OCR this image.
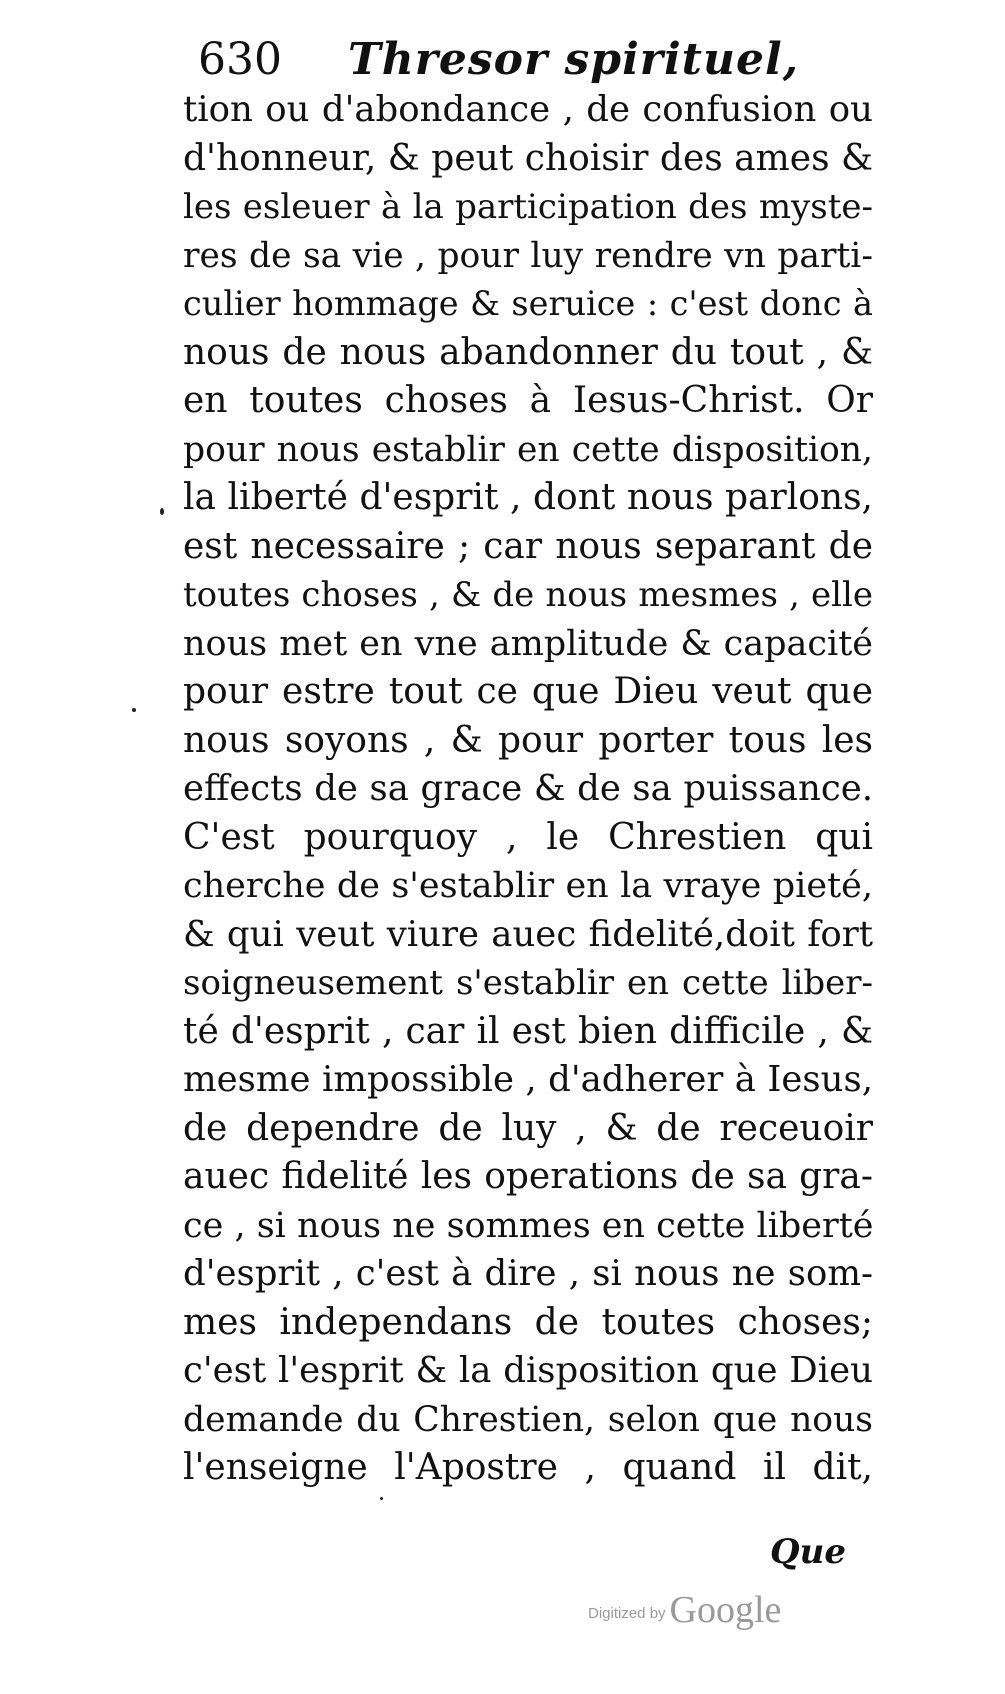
630 Thresor spirituel,
tion ou d'abondance , de confusion ou
d'honneur, & peut choisir des ames &
les esleuer à la participation des myste-
res de sa vie , pour luy rendre vn parti-
culier hommage & seruice : c'est donc à
nous de nous abandonner du tout , &
en toutes choses à Iesus-Christ. Or
pour nous establir en cette disposition,
la liberté d'esprit , dont nous parlons,
est necessaire ; car nous separant de
toutes choses , & de nous mesmes , elle
nous met en vne amplitude & capacité
pour estre tout ce que Dieu veut que
nous soyons , & pour porter tous les
effects de sa grace & de sa puissance.
C'est pourquoy , le Chrestien qui
cherche de s'establir en la vraye pieté,
& qui veut viure auec fidelité,doit fort
soigneusement s'establir en cette liber-
té d'esprit , car il est bien difficile , &
mesme impossible , d'adherer à Iesus,
de dependre de luy , & de receuoir
auec fidelité les operations de sa gra-
ce , si nous ne sommes en cette liberté
d'esprit , c'est à dire , si nous ne som-
mes independans de toutes choses;
c'est l'esprit & la disposition que Dieu
demande du Chrestien, selon que nous
l'enseigne l'Apostre , quand il dit,
Que
Digitized by Google
